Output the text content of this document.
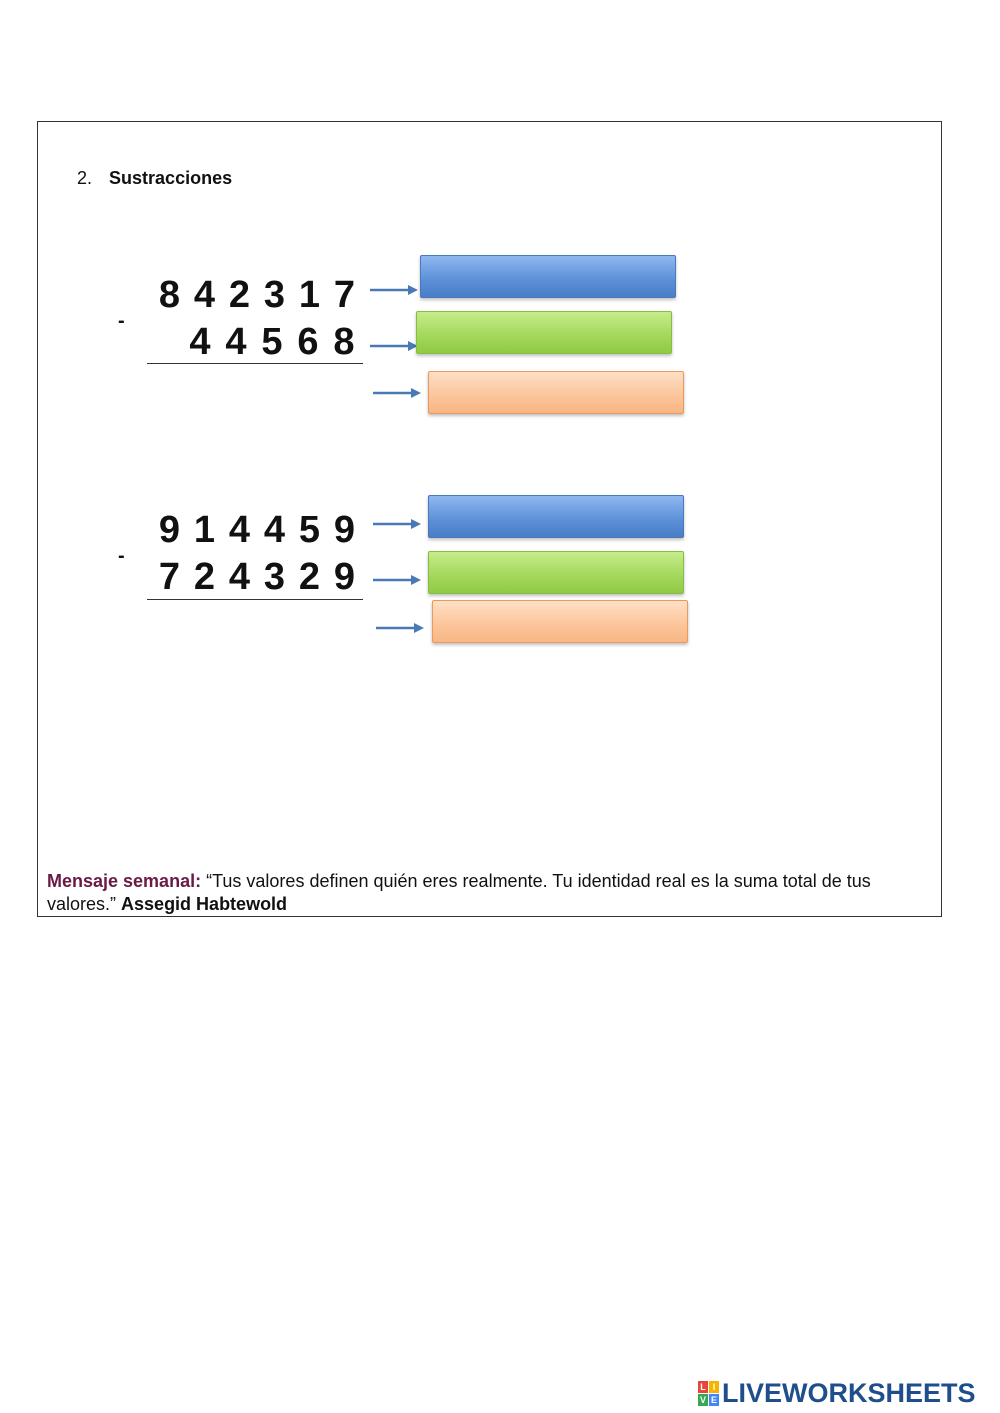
2. Sustracciones
-
8 4 2 3 1 7
4 4 5 6 8
-
9 1 4 4 5 9
7 2 4 3 2 9
Mensaje semanal: “Tus valores definen quién eres realmente. Tu identidad real es la suma total de tus valores.” Assegid Habtewold
L I
V E LIVEWORKSHEETS
